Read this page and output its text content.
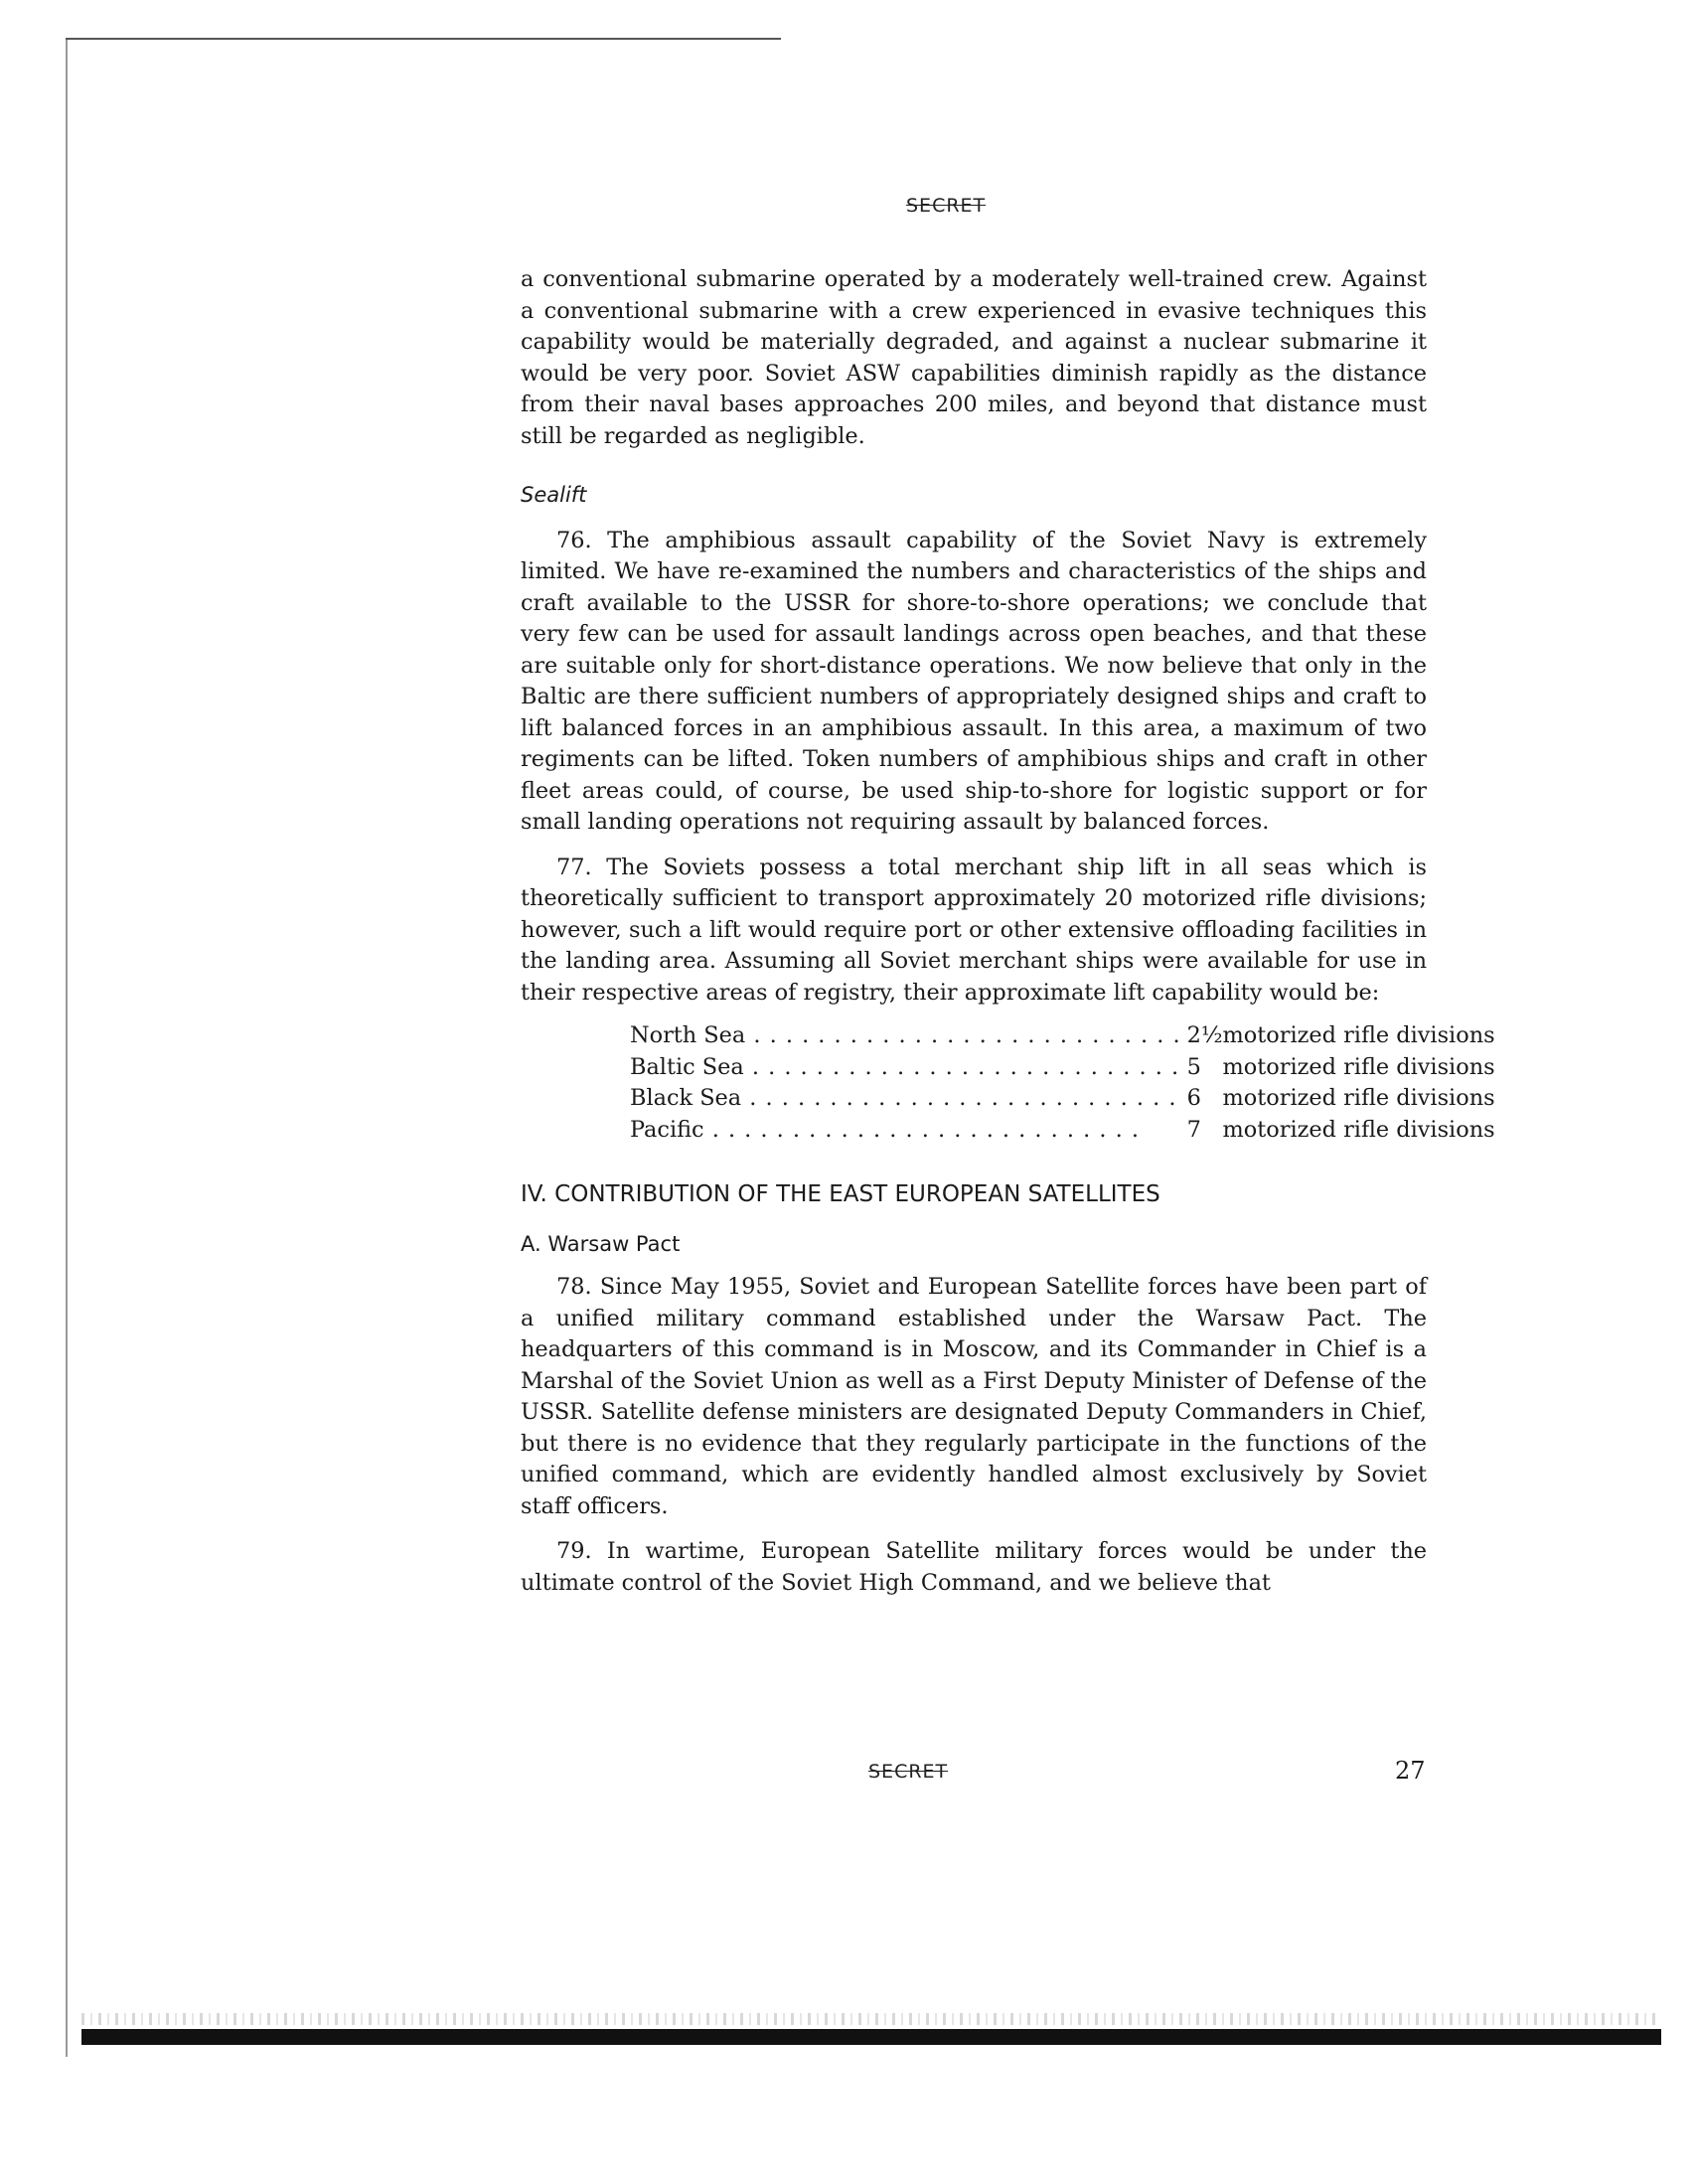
SECRET

a conventional submarine operated by a moderately well-trained crew. Against a conventional submarine with a crew experienced in evasive techniques this capability would be materially degraded, and against a nuclear submarine it would be very poor. Soviet ASW capabilities diminish rapidly as the distance from their naval bases approaches 200 miles, and beyond that distance must still be regarded as negligible.

Sealift

76. The amphibious assault capability of the Soviet Navy is extremely limited. We have re-examined the numbers and characteristics of the ships and craft available to the USSR for shore-to-shore operations; we conclude that very few can be used for assault landings across open beaches, and that these are suitable only for short-distance operations. We now believe that only in the Baltic are there sufficient numbers of appropriately designed ships and craft to lift balanced forces in an amphibious assault. In this area, a maximum of two regiments can be lifted. Token numbers of amphibious ships and craft in other fleet areas could, of course, be used ship-to-shore for logistic support or for small landing operations not requiring assault by balanced forces.

77. The Soviets possess a total merchant ship lift in all seas which is theoretically sufficient to transport approximately 20 motorized rifle divisions; however, such a lift would require port or other extensive offloading facilities in the landing area. Assuming all Soviet merchant ships were available for use in their respective areas of registry, their approximate lift capability would be:

North Sea . . .	2½	motorized rifle divisions
Baltic Sea . . .	5	motorized rifle divisions
Black Sea . . .	6	motorized rifle divisions
Pacific . . .	7	motorized rifle divisions
IV. CONTRIBUTION OF THE EAST EUROPEAN SATELLITES
A. Warsaw Pact

78. Since May 1955, Soviet and European Satellite forces have been part of a unified military command established under the Warsaw Pact. The headquarters of this command is in Moscow, and its Commander in Chief is a Marshal of the Soviet Union as well as a First Deputy Minister of Defense of the USSR. Satellite defense ministers are designated Deputy Commanders in Chief, but there is no evidence that they regularly participate in the functions of the unified command, which are evidently handled almost exclusively by Soviet staff officers.

79. In wartime, European Satellite military forces would be under the ultimate control of the Soviet High Command, and we believe that

SECRET	27
